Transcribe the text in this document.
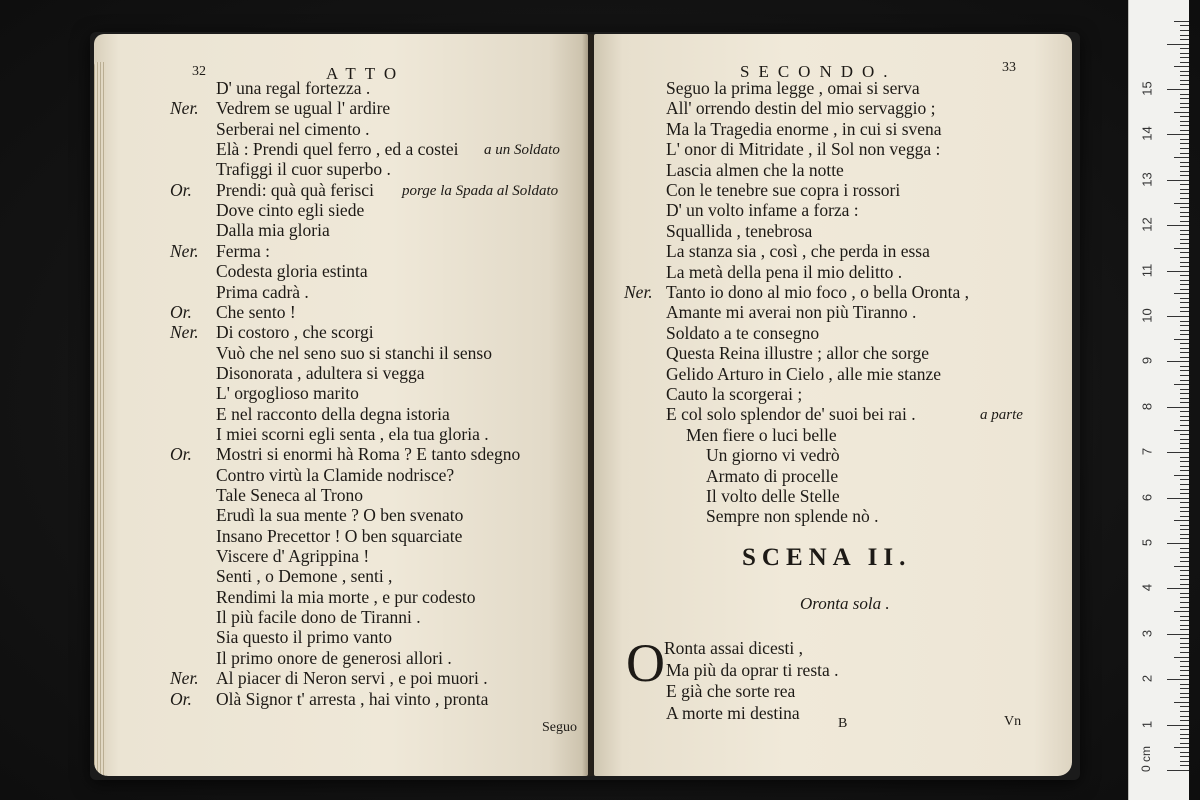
32	ATTO
D' una regal fortezza .
Ner. Vedrem se ugual l' ardire
Serberai nel cimento .
Elà : Prendi quel ferro , ed a costei a un Soldato
Trafiggi il cuor superbo .
Or. Prendi: quà quà ferisci porge la Spada al Soldato
Dove cinto egli siede
Dalla mia gloria
Ner. Ferma :
Codesta gloria estinta
Prima cadrà .
Or. Che sento !
Ner. Di costoro , che scorgi
Vuò che nel seno suo si stanchi il senso
Disonorata , adultera si vegga
L' orgoglioso marito
E nel racconto della degna istoria
I miei scorni egli senta , ela tua gloria .
Or. Mostri si enormi hà Roma ? E tanto sdegno
Contro virtù la Clamide nodrisce?
Tale Seneca al Trono
Erudì la sua mente ? O ben svenato
Insano Precettor ! O ben squarciate
Viscere d' Agrippina !
Senti , o Demone , senti ,
Rendimi la mia morte , e pur codesto
Il più facile dono de Tiranni .
Sia questo il primo vanto
Il primo onore de generosi allori .
Ner. Al piacer di Neron servi , e poi muori .
Or. Olà Signor t' arresta , hai vinto , pronta
Seguo
SECONDO.	33
Seguo la prima legge , omai si serva
All' orrendo destin del mio servaggio ;
Ma la Tragedia enorme , in cui si svena
L' onor di Mitridate , il Sol non vegga :
Lascia almen che la notte
Con le tenebre sue copra i rossori
D' un volto infame a forza :
Squallida , tenebrosa
La stanza sia , così , che perda in essa
La metà della pena il mio delitto .
Ner. Tanto io dono al mio foco , o bella Oronta ,
Amante mi averai non più Tiranno .
Soldato a te consegno
Questa Reina illustre ; allor che sorge
Gelido Arturo in Cielo , alle mie stanze
Cauto la scorgerai ;
E col solo splendor de' suoi bei rai .	a parte
Men fiere o luci belle
Un giorno vi vedrò
Armato di procelle
Il volto delle Stelle
Sempre non splende nò .
SCENA II.
Oronta sola .
O Ronta assai dicesti ,
Ma più da oprar ti resta .
E già che sorte rea
A morte mi destina
B	Vn
0 cm
1
2
3
4
5
6
7
8
9
10
11
12
13
14
15
